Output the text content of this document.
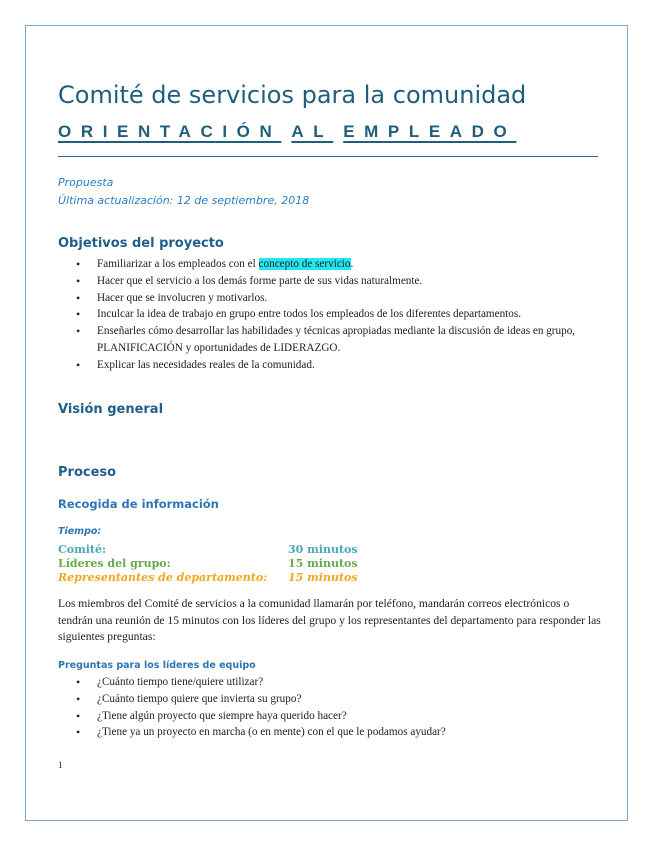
Comité de servicios para la comunidad
ORIENTACIÓN AL EMPLEADO
Propuesta
Última actualización: 12 de septiembre, 2018
Objetivos del proyecto
• Familiarizar a los empleados con el concepto de servicio.
• Hacer que el servicio a los demás forme parte de sus vidas naturalmente.
• Hacer que se involucren y motivarlos.
• Inculcar la idea de trabajo en grupo entre todos los empleados de los diferentes departamentos.
• Enseñarles cómo desarrollar las habilidades y técnicas apropiadas mediante la discusión de ideas en grupo, PLANIFICACIÓN y oportunidades de LIDERAZGO.
• Explicar las necesidades reales de la comunidad.
Visión general
Proceso
Recogida de información
Tiempo:
Comité:	30 minutos
Líderes del grupo:	15 minutos
Representantes de departamento: 15 minutos

Los miembros del Comité de servicios a la comunidad llamarán por teléfono, mandarán correos electrónicos o tendrán una reunión de 15 minutos con los líderes del grupo y los representantes del departamento para responder las siguientes preguntas:

Preguntas para los líderes de equipo
• ¿Cuánto tiempo tiene/quiere utilizar?
• ¿Cuánto tiempo quiere que invierta su grupo?
• ¿Tiene algún proyecto que siempre haya querido hacer?
• ¿Tiene ya un proyecto en marcha (o en mente) con el que le podamos ayudar?
1
